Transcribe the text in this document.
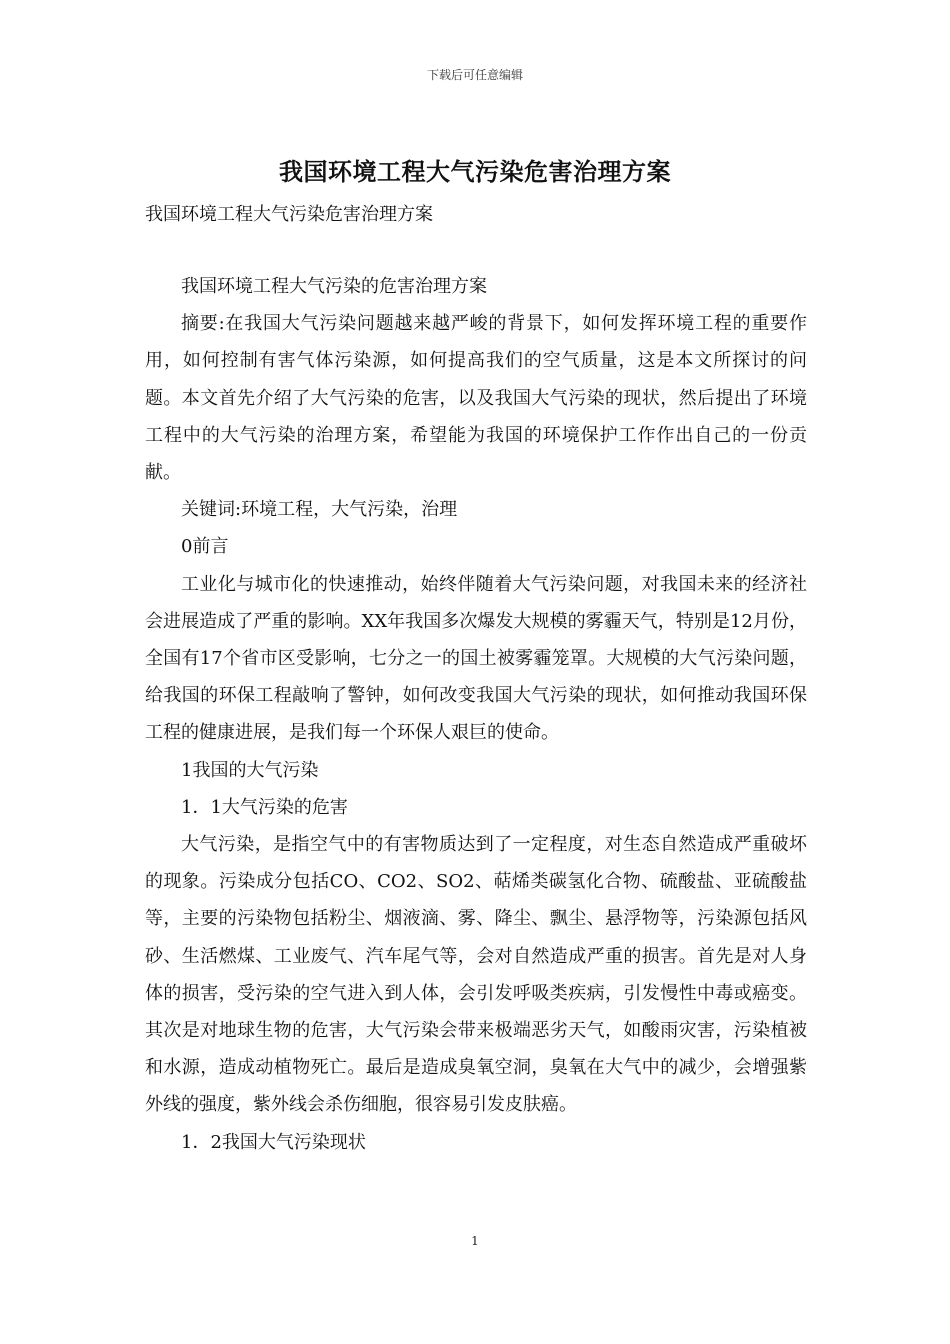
下载后可任意编辑
我国环境工程大气污染危害治理方案
我国环境工程大气污染危害治理方案

我国环境工程大气污染的危害治理方案

摘要:在我国大气污染问题越来越严峻的背景下，如何发挥环境工程的重要作用，如何控制有害气体污染源，如何提高我们的空气质量，这是本文所探讨的问题。本文首先介绍了大气污染的危害，以及我国大气污染的现状，然后提出了环境工程中的大气污染的治理方案，希望能为我国的环境保护工作作出自己的一份贡献。

关键词:环境工程，大气污染，治理

0前言

工业化与城市化的快速推动，始终伴随着大气污染问题，对我国未来的经济社会进展造成了严重的影响。XX年我国多次爆发大规模的雾霾天气，特别是12月份，全国有17个省市区受影响，七分之一的国土被雾霾笼罩。大规模的大气污染问题，给我国的环保工程敲响了警钟，如何改变我国大气污染的现状，如何推动我国环保工程的健康进展，是我们每一个环保人艰巨的使命。

1我国的大气污染

1．1大气污染的危害

大气污染，是指空气中的有害物质达到了一定程度，对生态自然造成严重破坏的现象。污染成分包括CO、CO2、SO2、萜烯类碳氢化合物、硫酸盐、亚硫酸盐等，主要的污染物包括粉尘、烟液滴、雾、降尘、飘尘、悬浮物等，污染源包括风砂、生活燃煤、工业废气、汽车尾气等，会对自然造成严重的损害。首先是对人身体的损害，受污染的空气进入到人体，会引发呼吸类疾病，引发慢性中毒或癌变。其次是对地球生物的危害，大气污染会带来极端恶劣天气，如酸雨灾害，污染植被和水源，造成动植物死亡。最后是造成臭氧空洞，臭氧在大气中的减少，会增强紫外线的强度，紫外线会杀伤细胞，很容易引发皮肤癌。

1．2我国大气污染现状

1
